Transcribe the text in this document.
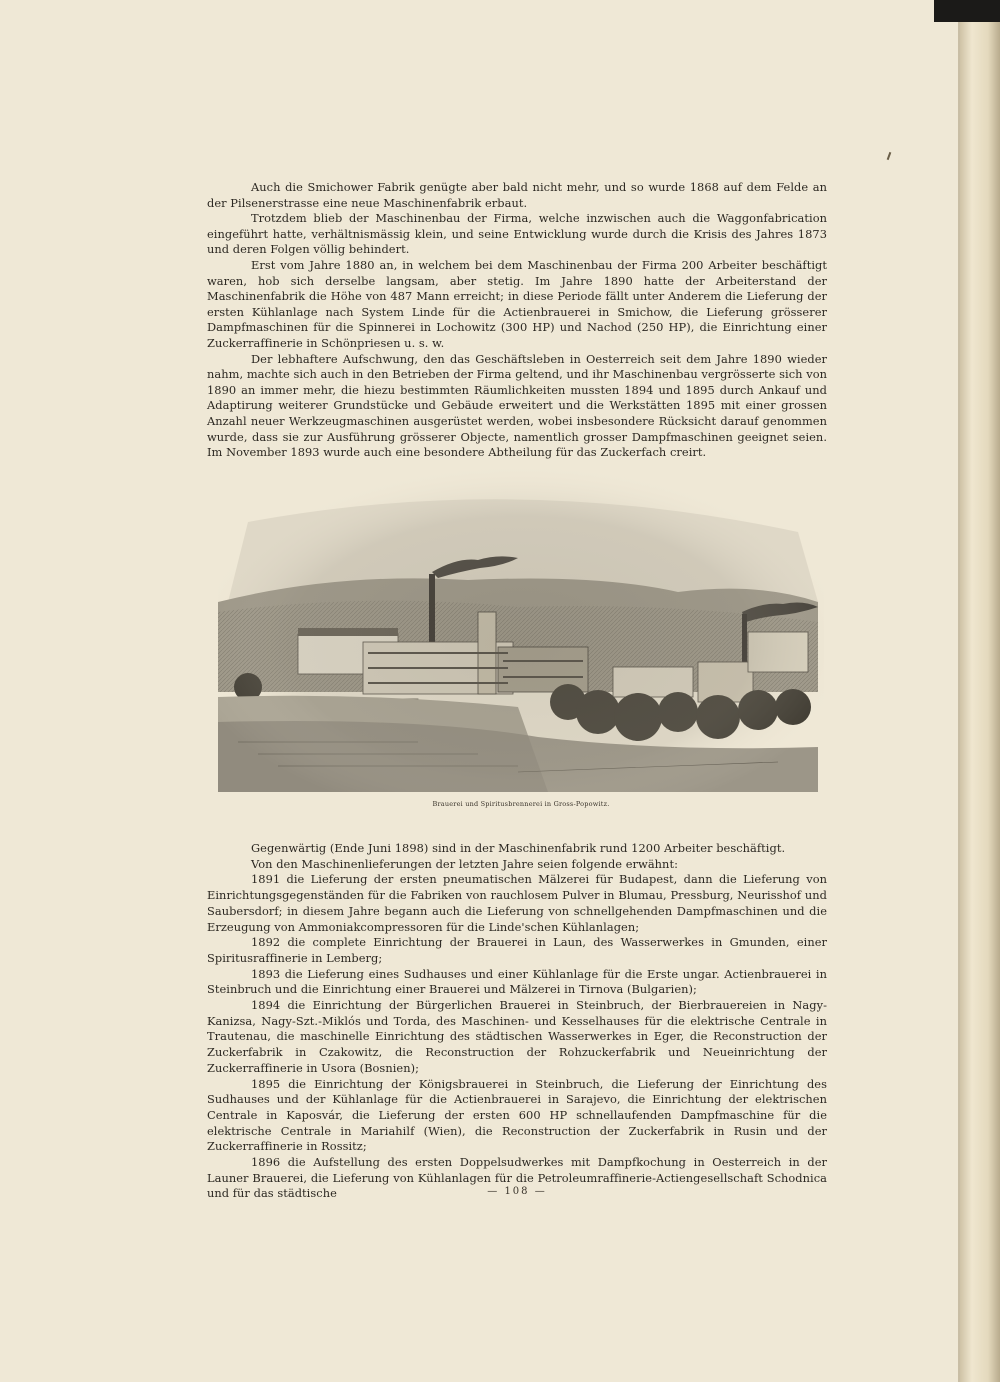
Auch die Smichower Fabrik genügte aber bald nicht mehr, und so wurde 1868 auf dem Felde an der Pilsenerstrasse eine neue Maschinenfabrik erbaut.

Trotzdem blieb der Maschinenbau der Firma, welche inzwischen auch die Waggonfabrication eingeführt hatte, verhältnismässig klein, und seine Entwicklung wurde durch die Krisis des Jahres 1873 und deren Folgen völlig behindert.

Erst vom Jahre 1880 an, in welchem bei dem Maschinenbau der Firma 200 Arbeiter beschäftigt waren, hob sich derselbe langsam, aber stetig. Im Jahre 1890 hatte der Arbeiterstand der Maschinenfabrik die Höhe von 487 Mann erreicht; in diese Periode fällt unter Anderem die Lieferung der ersten Kühlanlage nach System Linde für die Actienbrauerei in Smichow, die Lieferung grösserer Dampfmaschinen für die Spinnerei in Lochowitz (300 HP) und Nachod (250 HP), die Einrichtung einer Zuckerraffinerie in Schönpriesen u. s. w.

Der lebhaftere Aufschwung, den das Geschäftsleben in Oesterreich seit dem Jahre 1890 wieder nahm, machte sich auch in den Betrieben der Firma geltend, und ihr Maschinenbau vergrösserte sich von 1890 an immer mehr, die hiezu bestimmten Räumlichkeiten mussten 1894 und 1895 durch Ankauf und Adaptirung weiterer Grundstücke und Gebäude erweitert und die Werkstätten 1895 mit einer grossen Anzahl neuer Werkzeugmaschinen ausgerüstet werden, wobei insbesondere Rücksicht darauf genommen wurde, dass sie zur Ausführung grösserer Objecte, namentlich grosser Dampfmaschinen geeignet seien. Im November 1893 wurde auch eine besondere Abtheilung für das Zuckerfach creirt.

Brauerei und Spiritusbrennerei in Gross-Popowitz.

Gegenwärtig (Ende Juni 1898) sind in der Maschinenfabrik rund 1200 Arbeiter beschäftigt.

Von den Maschinenlieferungen der letzten Jahre seien folgende erwähnt:

1891 die Lieferung der ersten pneumatischen Mälzerei für Budapest, dann die Lieferung von Einrichtungsgegenständen für die Fabriken von rauchlosem Pulver in Blumau, Pressburg, Neurisshof und Saubersdorf; in diesem Jahre begann auch die Lieferung von schnellgehenden Dampfmaschinen und die Erzeugung von Ammoniakcompressoren für die Linde'schen Kühlanlagen;

1892 die complete Einrichtung der Brauerei in Laun, des Wasserwerkes in Gmunden, einer Spiritusraffinerie in Lemberg;

1893 die Lieferung eines Sudhauses und einer Kühlanlage für die Erste ungar. Actienbrauerei in Steinbruch und die Einrichtung einer Brauerei und Mälzerei in Tirnova (Bulgarien);

1894 die Einrichtung der Bürgerlichen Brauerei in Steinbruch, der Bierbrauereien in Nagy-Kanizsa, Nagy-Szt.-Miklós und Torda, des Maschinen- und Kesselhauses für die elektrische Centrale in Trautenau, die maschinelle Einrichtung des städtischen Wasserwerkes in Eger, die Reconstruction der Zuckerfabrik in Czakowitz, die Reconstruction der Rohzuckerfabrik und Neueinrichtung der Zuckerraffinerie in Usora (Bosnien);

1895 die Einrichtung der Königsbrauerei in Steinbruch, die Lieferung der Einrichtung des Sudhauses und der Kühlanlage für die Actienbrauerei in Sarajevo, die Einrichtung der elektrischen Centrale in Kaposvár, die Lieferung der ersten 600 HP schnellaufenden Dampfmaschine für die elektrische Centrale in Mariahilf (Wien), die Reconstruction der Zuckerfabrik in Rusin und der Zuckerraffinerie in Rossitz;

1896 die Aufstellung des ersten Doppelsudwerkes mit Dampfkochung in Oesterreich in der Launer Brauerei, die Lieferung von Kühlanlagen für die Petroleumraffinerie-Actiengesellschaft Schodnica und für das städtische	— 108 —
